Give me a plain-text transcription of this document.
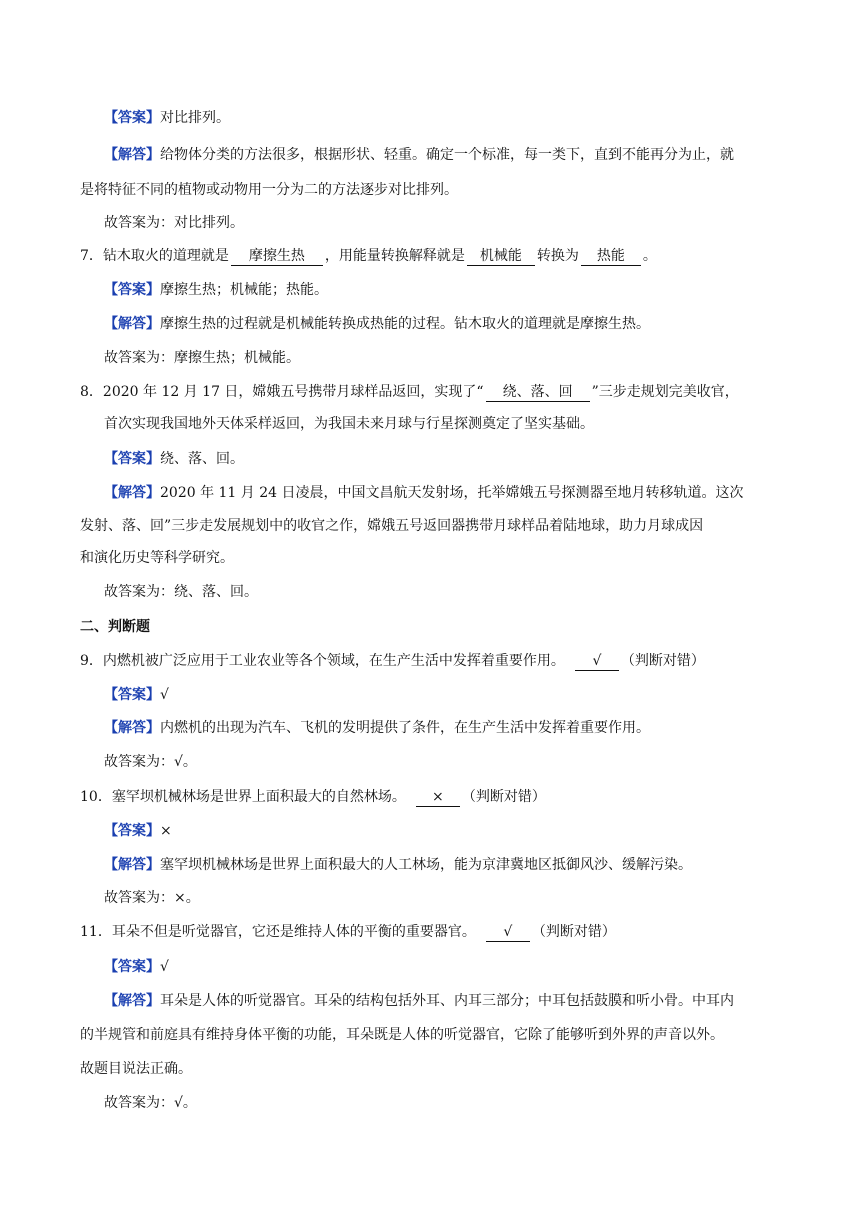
【答案】对比排列。
【解答】给物体分类的方法很多，根据形状、轻重。确定一个标准，每一类下，直到不能再分为止，就
是将特征不同的植物或动物用一分为二的方法逐步对比排列。
故答案为：对比排列。
7．钻木取火的道理就是 摩擦生热 ，用能量转换解释就是 机械能 转换为 热能 。
【答案】摩擦生热；机械能；热能。
【解答】摩擦生热的过程就是机械能转换成热能的过程。钻木取火的道理就是摩擦生热。
故答案为：摩擦生热；机械能。
8．2020 年 12 月 17 日，嫦娥五号携带月球样品返回，实现了“ 绕、落、回 ”三步走规划完美收官，
首次实现我国地外天体采样返回，为我国未来月球与行星探测奠定了坚实基础。
【答案】绕、落、回。
【解答】2020 年 11 月 24 日凌晨，中国文昌航天发射场，托举嫦娥五号探测器至地月转移轨道。这次
发射、落、回”三步走发展规划中的收官之作，嫦娥五号返回器携带月球样品着陆地球，助力月球成因
和演化历史等科学研究。
故答案为：绕、落、回。
二、判断题
9．内燃机被广泛应用于工业农业等各个领域，在生产生活中发挥着重要作用。 √ （判断对错）
【答案】√
【解答】内燃机的出现为汽车、飞机的发明提供了条件，在生产生活中发挥着重要作用。
故答案为：√。
10．塞罕坝机械林场是世界上面积最大的自然林场。 × （判断对错）
【答案】×
【解答】塞罕坝机械林场是世界上面积最大的人工林场，能为京津冀地区抵御风沙、缓解污染。
故答案为：×。
11．耳朵不但是听觉器官，它还是维持人体的平衡的重要器官。 √ （判断对错）
【答案】√
【解答】耳朵是人体的听觉器官。耳朵的结构包括外耳、内耳三部分；中耳包括鼓膜和听小骨。中耳内
的半规管和前庭具有维持身体平衡的功能，耳朵既是人体的听觉器官，它除了能够听到外界的声音以外。
故题目说法正确。
故答案为：√。
